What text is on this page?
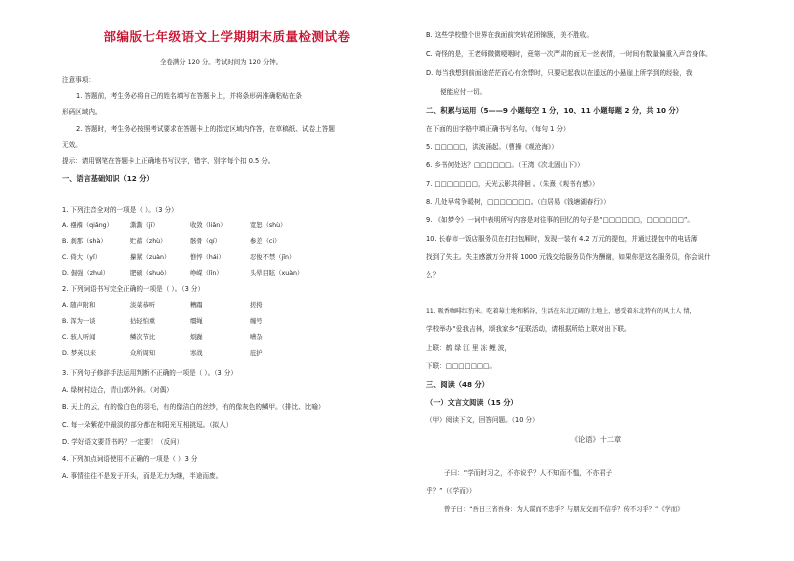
部编版七年级语文上学期期末质量检测试卷
全卷满分 120 分。考试时间为 120 分钟。
注意事项：
1. 答题前，考生务必将自己的姓名填写在答题卡上，并将条形码准确粘贴在条
形码区域内。
2. 答题时，考生务必按照考试要求在答题卡上的指定区域内作答，在草稿纸、试卷上答题
无效。
提示：请用钢笔在答题卡上正确地书写汉字，错字、别字每个扣 0.5 分。
一、语言基础知识（12 分）
1. 下列注音全对的一项是（ ）。（3 分）
A. 襁褓（qiǎng）	澌澌（jī）	收敛（liǎn）	宽恕（shù）
B. 刹那（shà）	贮蓄（zhù）	骸骨（qí）	参差（ci）
C. 倚大（yǐ）	攥紧（zuàn）	憔悴（hái）	忍俊不禁（jīn）
D. 倔强（zhuì）	肥硕（shuò）	峥嵘（lǐn）	头晕目眩（xuàn）
2. 下列词语书写完全正确的一项是（ ）。（3 分）
A. 随声附和	淡菜恭听	糟蹋	搓挎
B. 浑为一谈	拈轻怕重	缰绳	缠号
C. 骇人听闻	鳞次节比	烦躁	嘈杂
D. 梦英以来	众所周知	寒战	庇护
3. 下列句子修辞手法运用判断不正确的一项是（ ）。（3 分）
A. 绿树村边合，青山郭外斜。（对偶）
B. 天上的云，有的像白色的羽毛，有的像洁白的丝纱，有的像灰色的鳞甲。（排比、比喻）
C. 每一朵紫花中最淡的部分都在和阳光互相挑逗。（拟人）
D. 学好语文要背书吗？一定要！（反问）
4. 下列加点词语使用不正确的一项是（ ）3 分
A. 事情往往不是发于开头，而是无力为继，半途而废。
B. 这些学校整个世界在我面前突转花团锦簇，美不胜收。
C. 奇怪的是，王老师微微哽咽时，竟第一次严肃的面无一丝表情，一时间有数量偏重入声音身体。
D. 每当我想到前面途茫茫而心有余悸时，只要记起我以在遥远的小悬崖上所学到的经验，我
便能应付一切。
二、积累与运用（5——9 小题每空 1 分，10、11 小题每题 2 分，共 10 分）
在下面的田字格中填正确书写名句。（每句 1 分）
5. □□□□□，洪波涌起。（曹操《观沧海》）
6. 乡书何处达？□□□□□□。（王湾《次北固山下》）
7. □□□□□□□，天光云影共徘徊 。（朱熹《观书有感》）
8. 几处早莺争暖树，□□□□□□□。（白居易《钱塘湖春行》）
9. 《如梦令》一词中表明所写内容是对往事的回忆的句子是“□□□□□□，□□□□□□”。
10. 长春市一饭店服务员在打扫包厢时，发现一装有 4.2 万元的提包，并通过提包中的电话薄
找到了失主。失主感激万分并将 1000 元钱交给服务员作为酬谢，如果你是这名服务员，你会说什
么？
11. 吸香咖啡红豹米。吃着莓土地和稻谷，生活在东北辽阔的土地上，感受着东北特有的风土人 情，
学校举办“爱我吉林，颂我家乡”征联活动，请根据所给上联对出下联。
上联：鹤 绿 江 里 冻 鲤 波，
下联：□□□□□□□。
三、阅读（48 分）
（一）文言文阅读（15 分）
（甲）阅读下文，回答问题。（10 分）
《论语》十二章
子曰：“学而时习之，不亦说乎？人不知而不愠，不亦君子
乎？”（《学而》）
曾子曰：“吾日三省吾身：为人谋而不忠乎？与朋友交而不信乎？传不习乎？”《学而》
